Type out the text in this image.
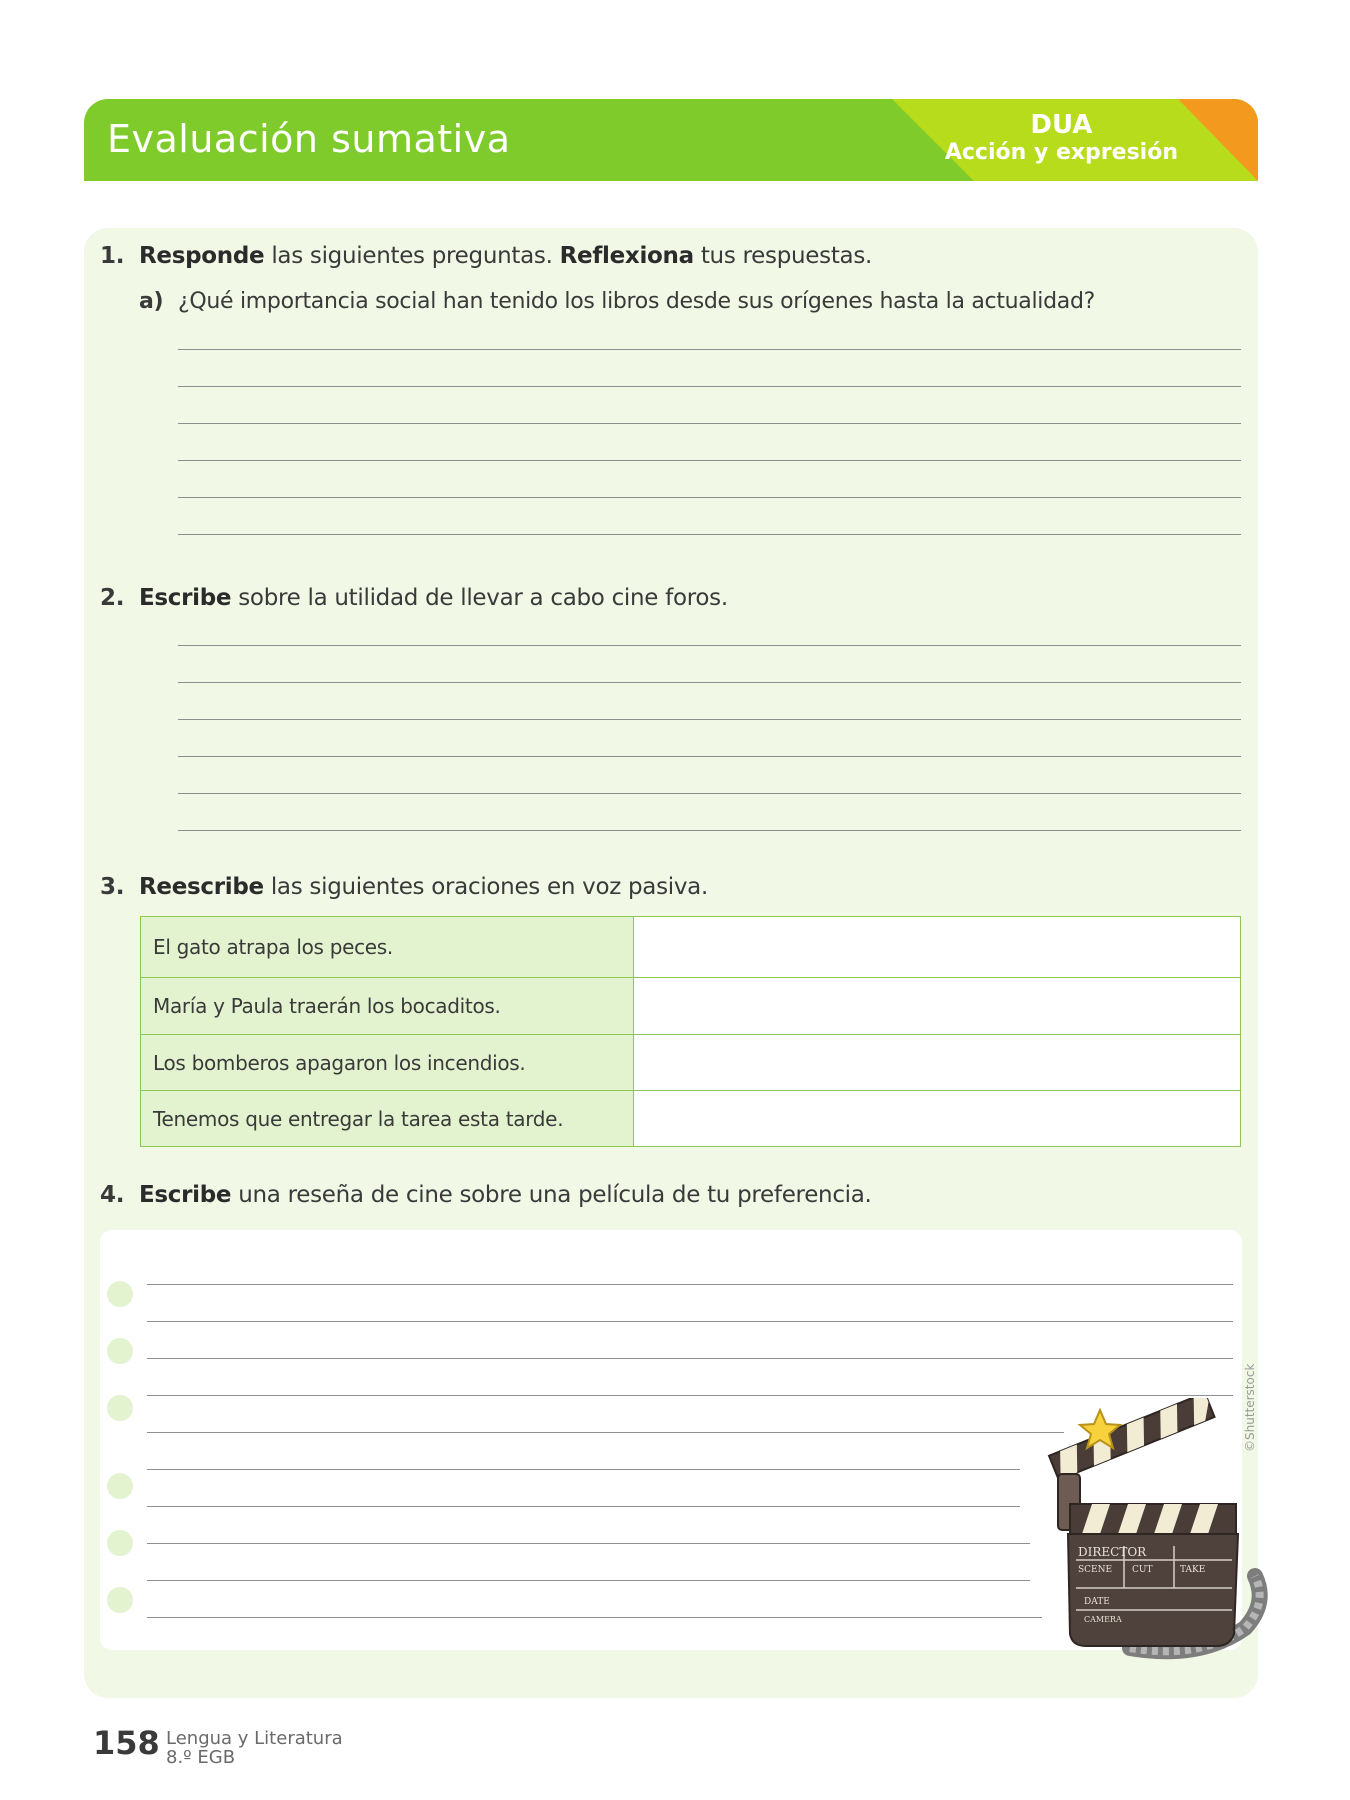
Evaluación sumativa	DUA
Acción y expresión
1. Responde las siguientes preguntas. Reflexiona tus respuestas.
a) ¿Qué importancia social han tenido los libros desde sus orígenes hasta la actualidad?
2. Escribe sobre la utilidad de llevar a cabo cine foros.
3. Reescribe las siguientes oraciones en voz pasiva.
El gato atrapa los peces.	
María y Paula traerán los bocaditos.	
Los bomberos apagaron los incendios.	
Tenemos que entregar la tarea esta tarde.	
4. Escribe una reseña de cine sobre una película de tu preferencia.
DIRECTOR
SCENE CUT	TAKE
DATE
CAMERA
©Shutterstock
158 Lengua y Literatura
8.º EGB
